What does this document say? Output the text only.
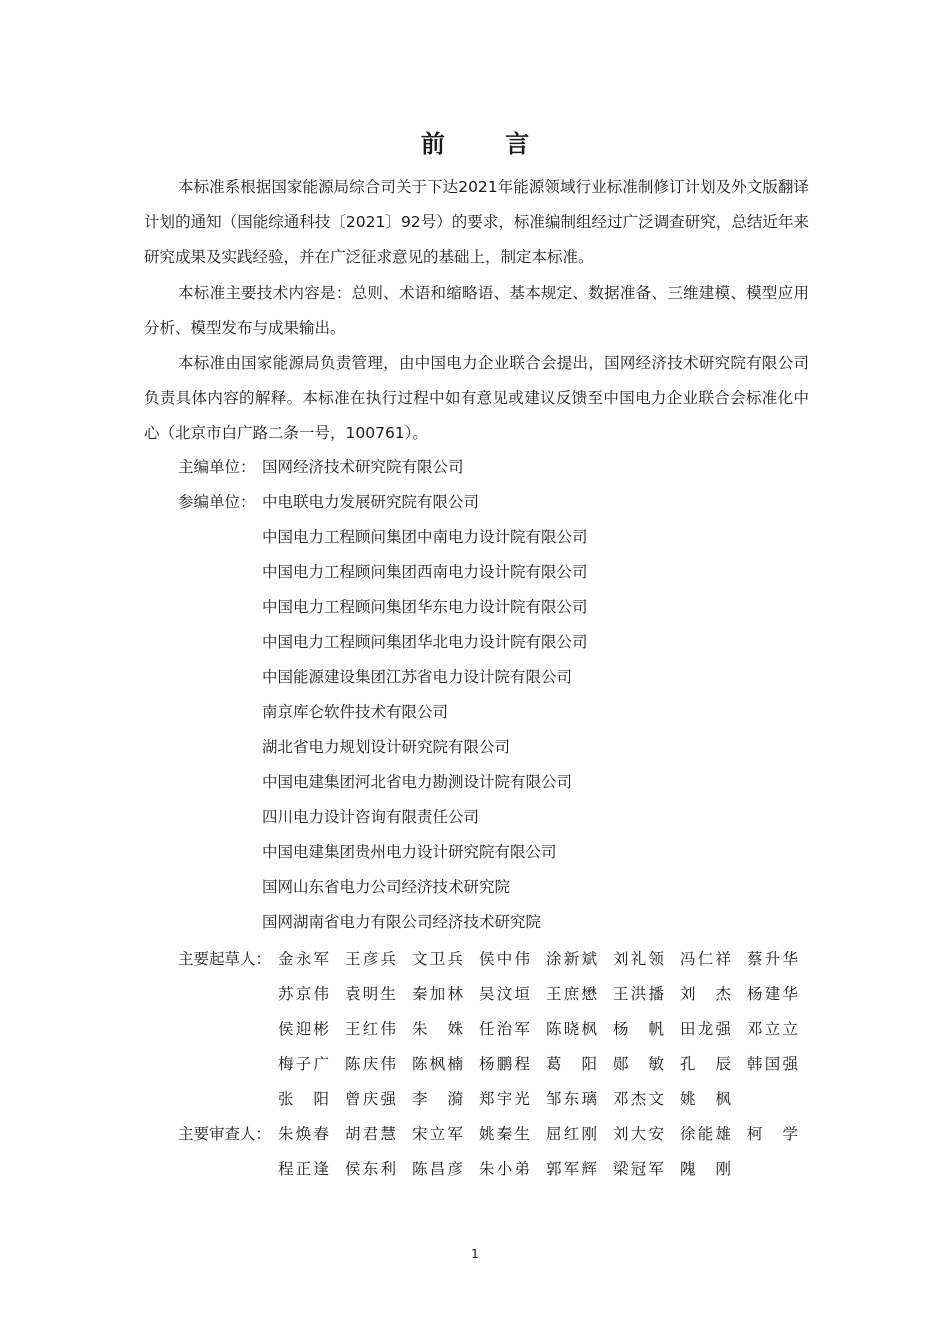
前 言

本标准系根据国家能源局综合司关于下达2021年能源领域行业标准制修订计划及外文版翻译计划的通知（国能综通科技〔2021〕92号）的要求，标准编制组经过广泛调查研究，总结近年来研究成果及实践经验，并在广泛征求意见的基础上，制定本标准。

本标准主要技术内容是：总则、术语和缩略语、基本规定、数据准备、三维建模、模型应用分析、模型发布与成果输出。

本标准由国家能源局负责管理，由中国电力企业联合会提出，国网经济技术研究院有限公司负责具体内容的解释。本标准在执行过程中如有意见或建议反馈至中国电力企业联合会标准化中心（北京市白广路二条一号，100761）。

主编单位： 国网经济技术研究院有限公司
参编单位： 中电联电力发展研究院有限公司
中国电力工程顾问集团中南电力设计院有限公司
中国电力工程顾问集团西南电力设计院有限公司
中国电力工程顾问集团华东电力设计院有限公司
中国电力工程顾问集团华北电力设计院有限公司
中国能源建设集团江苏省电力设计院有限公司
南京库仑软件技术有限公司
湖北省电力规划设计研究院有限公司
中国电建集团河北省电力勘测设计院有限公司
四川电力设计咨询有限责任公司
中国电建集团贵州电力设计研究院有限公司
国网山东省电力公司经济技术研究院
国网湖南省电力有限公司经济技术研究院
主要起草人： 金永军 王彦兵 文卫兵 侯中伟 涂新斌 刘礼领 冯仁祥 蔡升华
苏京伟 袁明生 秦加林 吴汶垣 王庶懋 王洪播 刘 杰 杨建华
侯迎彬 王红伟 朱 姝 任治军 陈晓枫 杨 帆 田龙强 邓立立
梅子广 陈庆伟 陈枫楠 杨鹏程 葛 阳 郧 敏 孔 辰 韩国强
张 阳 曾庆强 李 漪 郑宇光 邹东璃 邓杰文 姚 枫
主要审查人： 朱焕春 胡君慧 宋立军 姚秦生 屈红刚 刘大安 徐能雄 柯 学
程正逢 侯东利 陈昌彦 朱小弟 郭军辉 梁冠军 隗 刚
1
